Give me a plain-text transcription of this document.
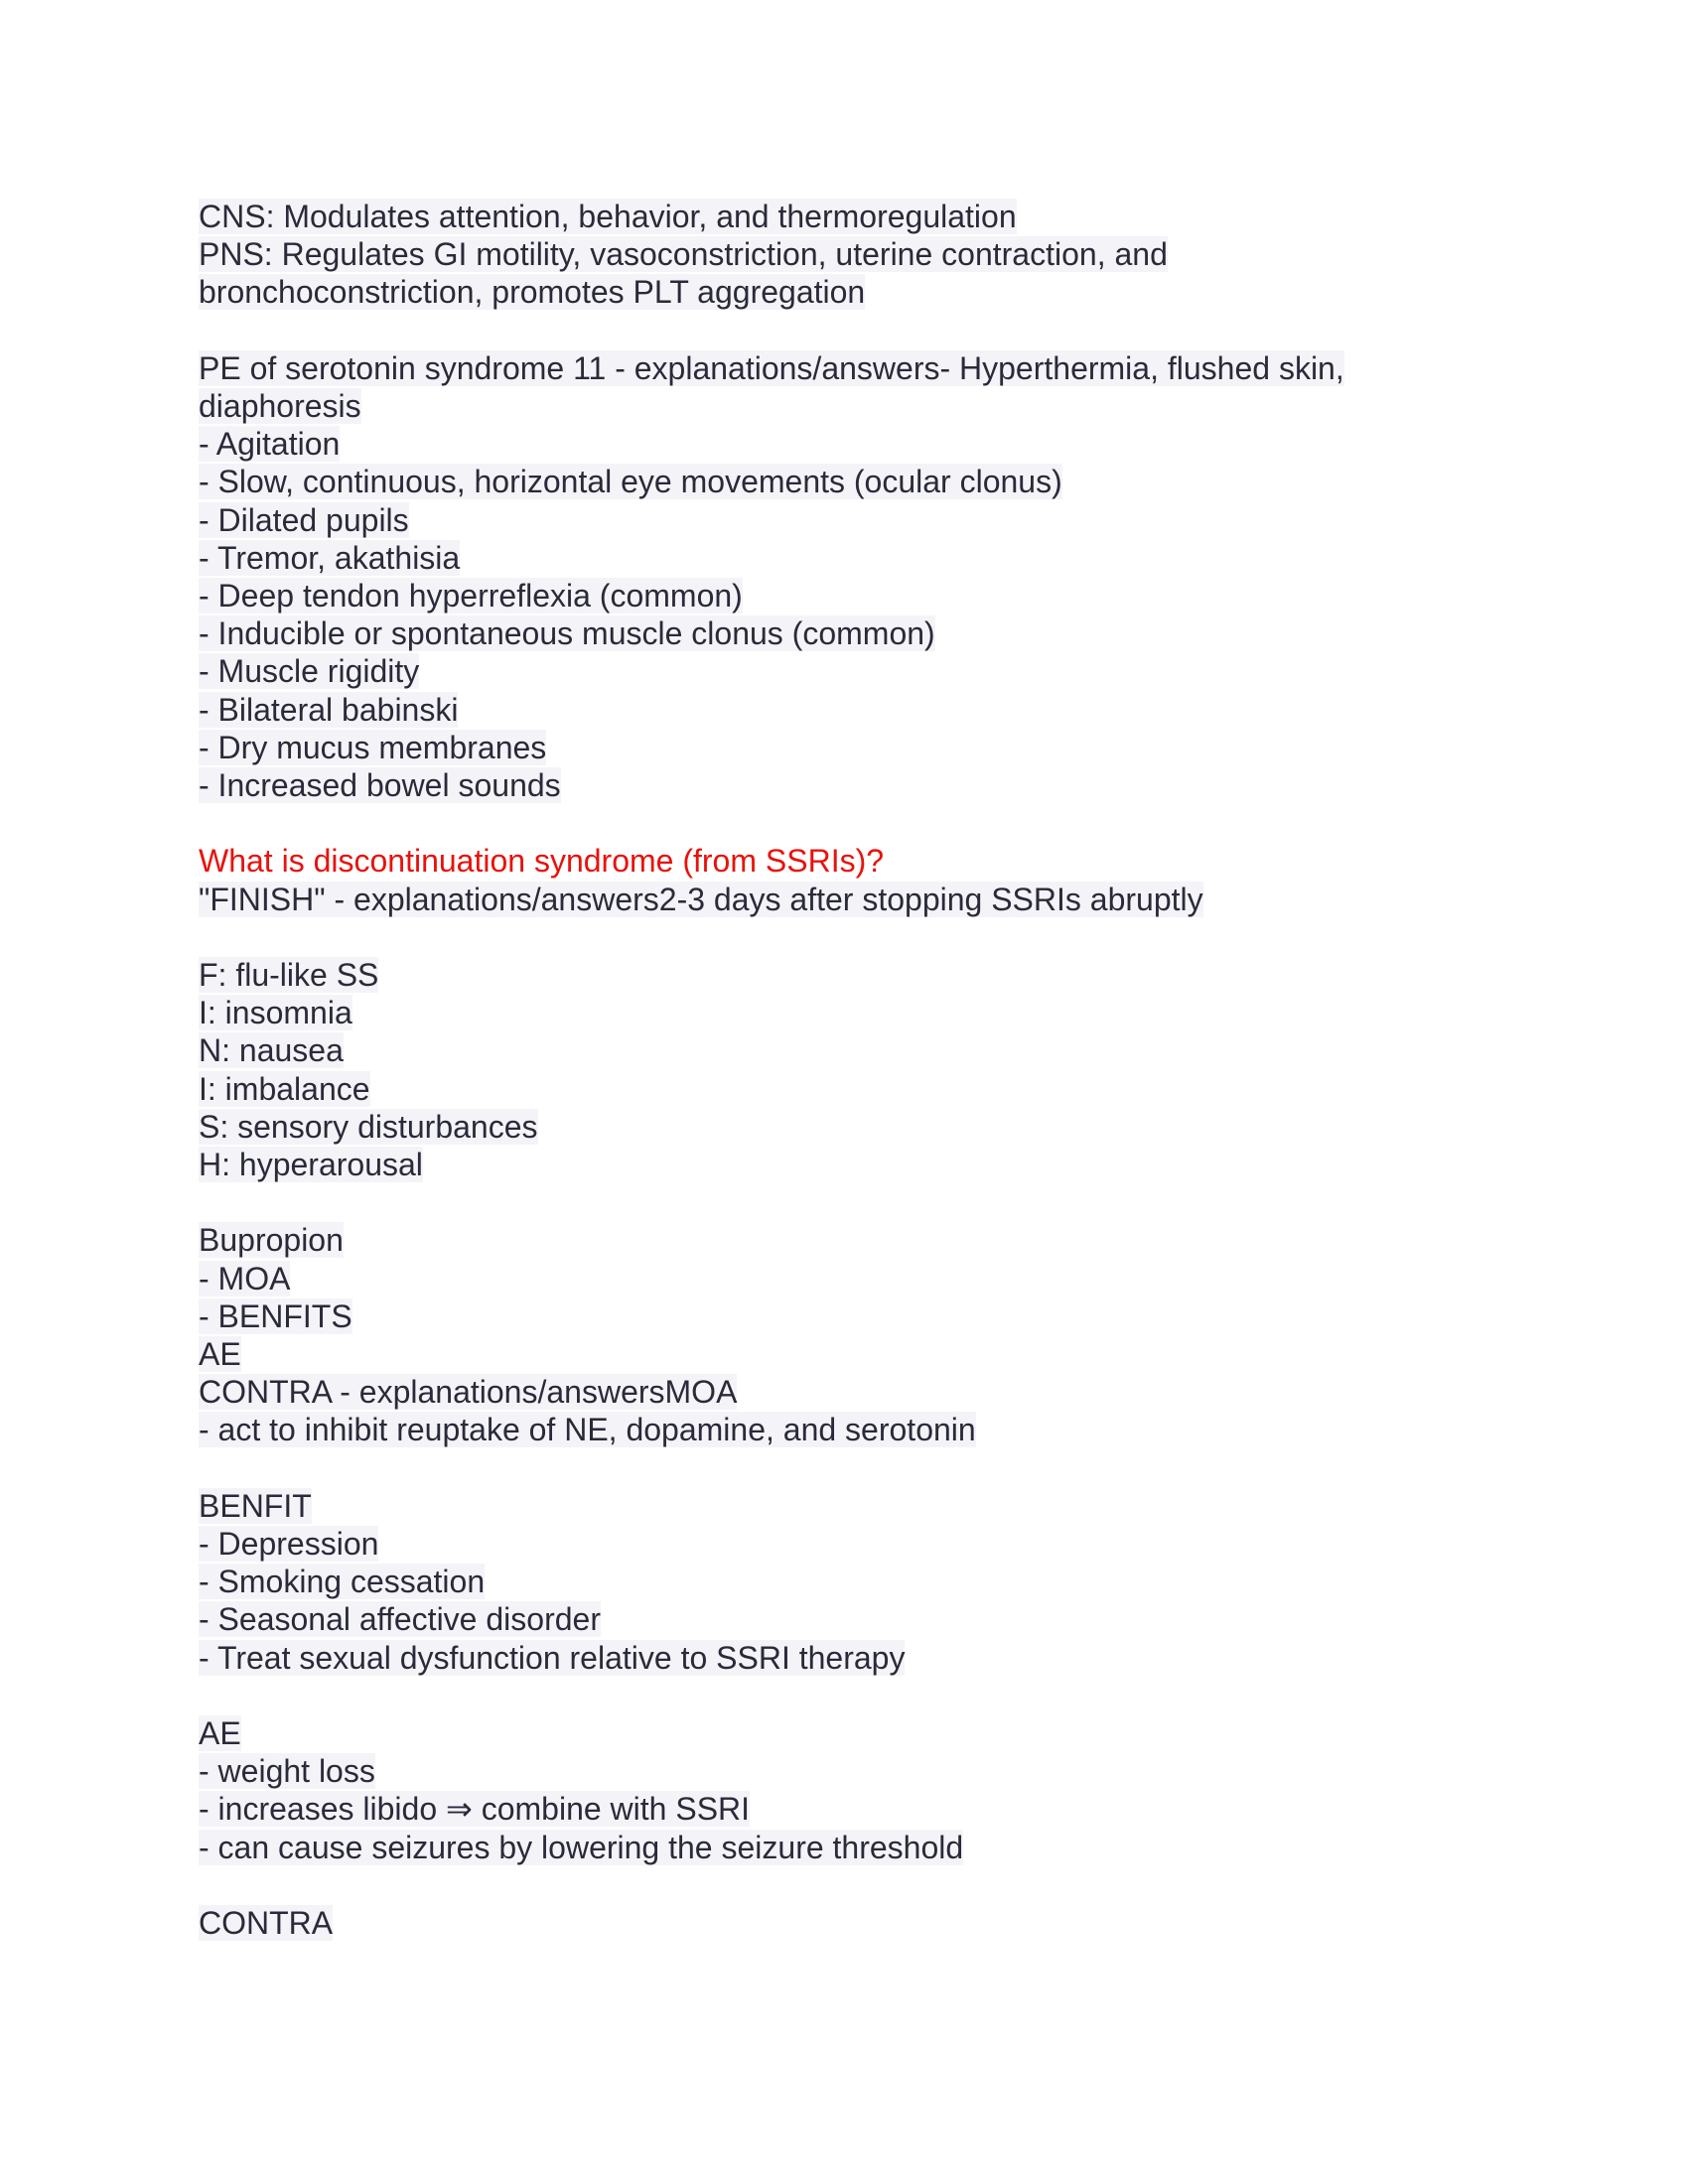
CNS: Modulates attention, behavior, and thermoregulation
PNS: Regulates GI motility, vasoconstriction, uterine contraction, and
bronchoconstriction, promotes PLT aggregation
PE of serotonin syndrome 11 - explanations/answers- Hyperthermia, flushed skin,
diaphoresis
- Agitation
- Slow, continuous, horizontal eye movements (ocular clonus)
- Dilated pupils
- Tremor, akathisia
- Deep tendon hyperreflexia (common)
- Inducible or spontaneous muscle clonus (common)
- Muscle rigidity
- Bilateral babinski
- Dry mucus membranes
- Increased bowel sounds
What is discontinuation syndrome (from SSRIs)?
"FINISH" - explanations/answers2-3 days after stopping SSRIs abruptly
F: flu-like SS
I: insomnia
N: nausea
I: imbalance
S: sensory disturbances
H: hyperarousal
Bupropion
- MOA
- BENFITS
AE
CONTRA - explanations/answersMOA
- act to inhibit reuptake of NE, dopamine, and serotonin
BENFIT
- Depression
- Smoking cessation
- Seasonal affective disorder
- Treat sexual dysfunction relative to SSRI therapy
AE
- weight loss
- increases libido ⇒ combine with SSRI
- can cause seizures by lowering the seizure threshold
CONTRA
